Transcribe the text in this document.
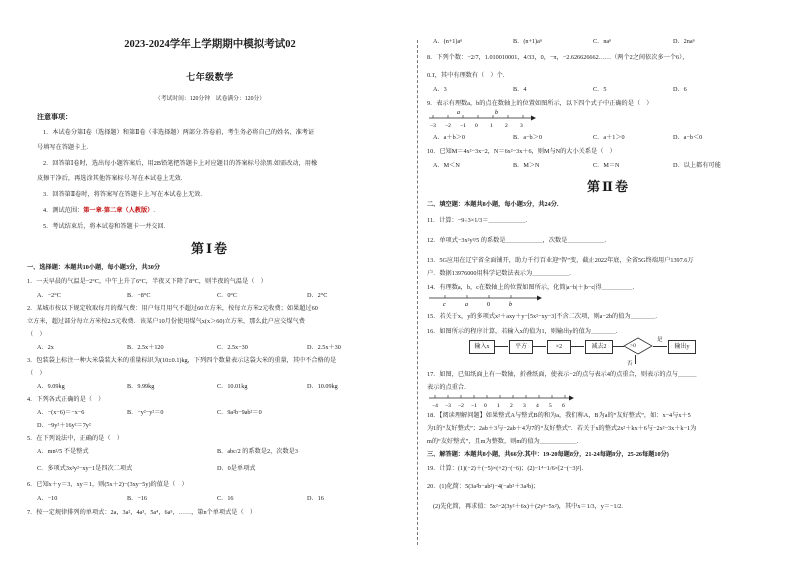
2023-2024学年上学期期中模拟考试02
七年级数学
（考试时间：120分钟　试卷满分：120分）
注意事项：
1．本试卷分第Ⅰ卷（选择题）和第Ⅱ卷（非选择题）两部分.答卷前，考生务必将自己的姓名、准考证
号填写在答题卡上.
2．回答第Ⅰ卷时，选出每小题答案后，用2B铅笔把答题卡上对应题目的答案标号涂黑.如需改动，用橡
皮擦干净后，再选涂其他答案标号.写在本试卷上无效.
3．回答第Ⅱ卷时，将答案写在答题卡上.写在本试卷上无效.
4．测试范围：第一章-第二章（人教版）.
5．考试结束后，将本试卷和答题卡一并交回.
第Ⅰ卷
一、选择题：本题共10小题，每小题3分，共30分
1．一天早晨的气温是−2°C，中午上升了6°C，半夜又下降了8°C，则半夜的气温是（　）
A．−2°C	B．−8°C	C．0°C	D．2°C
2．某城市按以下规定收取每月的煤气费：用户每月用气不超过60立方米，按每立方米2元收费；如果超过60
立方米，超过部分每立方米按2.5元收费．该某户10月份使用煤气x(x＞60)立方米，那么此户应交煤气费
（　）
A．2x	B．2.5x＋120	C．2.5x−30	D．2.5x＋30
3．包装袋上标注一种大米袋装大米的重量标识为(10±0.1)kg，下列四个数量表示这袋大米的重量，其中不合格的是
（　）
A．9.09kg	B．9.99kg	C．10.01kg	D．10.09kg
4．下列各式正确的是（　）
A．−(x−6)＝−x−6	B．−y²−y²＝0	C．9a²b−9ab²＝0
D．−9y²＋16y²＝7y²
5．在下列说法中，正确的是（　）
A．mn²/5 不是整式	B．abc/2 的系数是2，次数是3
C．多项式3x²y²−xy−1是四次二项式	D．0是单项式
6．已知x＋y＝3，xy＝1，则(5x＋2)−(3xy−5y)的值是（　）
A．−10	B．−16	C．16	D．16
7．按一定规律排列的单项式：2a，3a²，4a³，5a⁴，6a⁵，……，第n个单项式是（　）
A．(n+1)aⁿ	B．(n+1)aⁿ	C．naⁿ	D．2naⁿ
8．下列个数：−2/7，1.010010001，4/33，0，−π，−2.626626662……（两个2之间依次多一个6），
0.1̇，其中有理数有（　）个.
A．3	B．4	C．5	D．6
9．表示有理数a，b的点在数轴上的位置如图所示，以下四个式子中正确的是（　）
−3 −2 −1 0 1 2 3
a	b
A．a＋b＞0	B．a−b＞0	C．a＋1＞0	D．a−b＜0
10．已知M＝4x²−3x−2，N＝6x²−3x＋6，则M与N的大小关系是（　）
A．M＜N	B．M＞N	C．M＝N	D．以上都有可能
第Ⅱ卷
二、填空题：本题共8小题，每小题3分，共24分.
11．计算：−9÷3×1/3＝＿＿＿＿＿＿.
12．单项式−3x²y³/5 的系数是＿＿＿＿＿＿，次数是＿＿＿＿＿＿.
13．5G应用在辽宁省全面铺开，助力千行百业迎“智”变，截止2022年底，全省5G终端用户1397.6万
户．数据13976000用科学记数法表示为＿＿＿＿＿＿.
14．有理数a，b，c在数轴上的位置如图所示，化简|a−b|＋|b−c|得＿＿＿＿＿.
c	a	0	b
15．若关于x，y的多项式x²＋axy＋y−[5x²−xy−3]不含二次项，则a−2b的值为＿＿＿＿.
16．如图所示的程序计算，若输入x的值为1，则输出y的值为＿＿＿＿.
输入x	平方	×2	减去2	>0
是
输出y
否
17．如图，已知纸面上有一数轴，折叠纸面，使表示−2的点与表示4的点重合，则表示的点与＿＿＿
表示的点重合.
−4 −3 −2 −1 0 1 2 3 4 5 6
18．【阅读理解问题】如果整式A与整式B的和为a，我们称A，B为a的“友好整式”，如：x−4与x＋5
为1的“友好整式”；2ab＋3与−2ab＋4为7的“友好整式”．若关于x的整式2x²＋kx＋6与−2x²−3x＋k−1为
m的“友好整式”，且m为整数，则m的值为＿＿＿＿＿＿.
三、解答题：本题共8小题，共66分.其中：19-20每题8分，21-24每题8分，25-26每题10分)
19．计算：(1)(−2)＋(−5)×(+2)−(−6)；(2)−1⁴−1/6×[2−(−3)²]．
20．(1)化简：5(3a²b−ab²)−4(−ab²＋3a²b)；
(2)先化简，再求值：5x²−2(3y²＋6x)＋(2y²−5x²)，其中x＝1/3，y＝−1/2.
